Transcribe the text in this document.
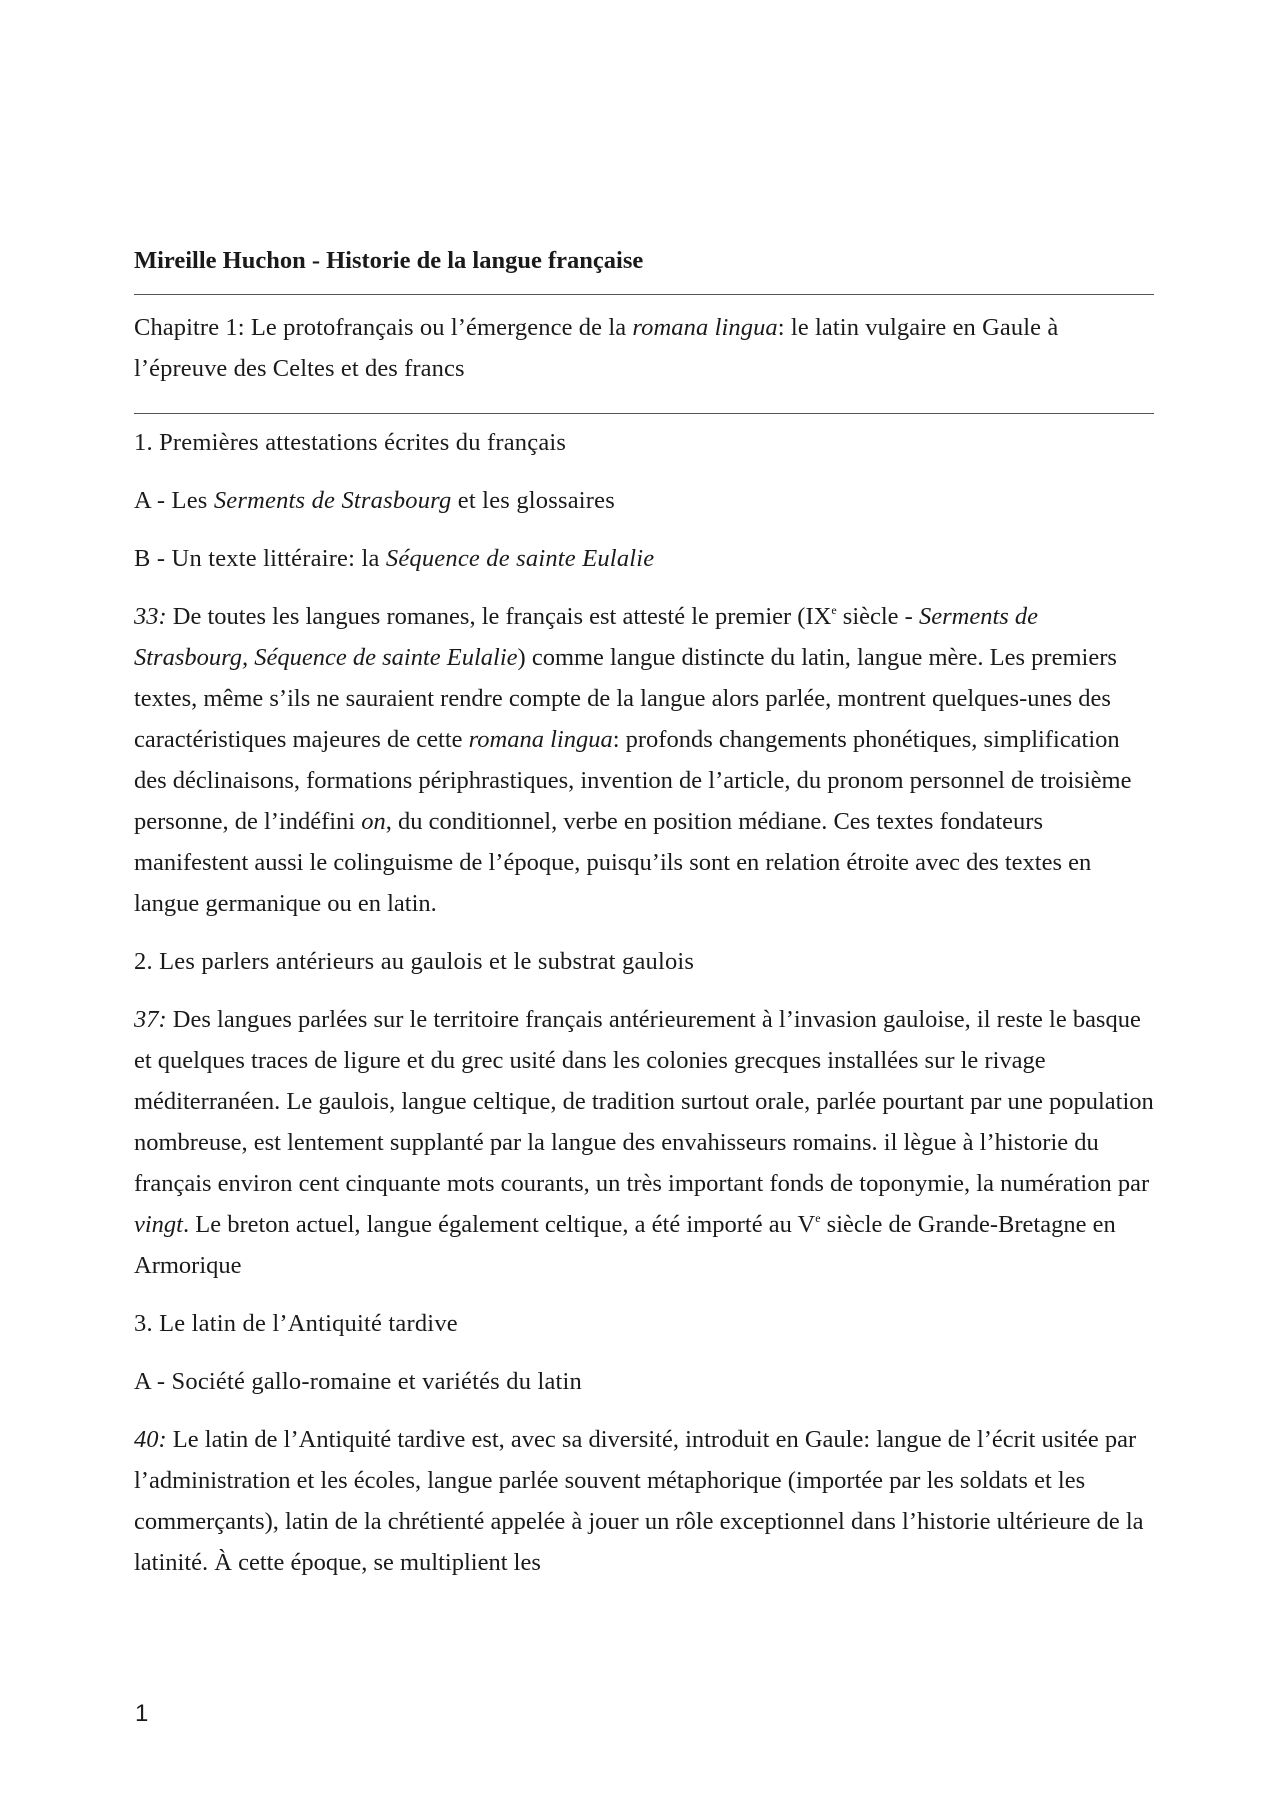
Mireille Huchon - Historie de la langue française

Chapitre 1: Le protofrançais ou l’émergence de la romana lingua: le latin vulgaire en Gaule à l’épreuve des Celtes et des francs

1. Premières attestations écrites du français

A - Les Serments de Strasbourg et les glossaires

B - Un texte littéraire: la Séquence de sainte Eulalie

33: De toutes les langues romanes, le français est attesté le premier (IXe siècle - Serments de Strasbourg, Séquence de sainte Eulalie) comme langue distincte du latin, langue mère. Les premiers textes, même s’ils ne sauraient rendre compte de la langue alors parlée, montrent quelques-unes des caractéristiques majeures de cette romana lingua: profonds changements phonétiques, simplification des déclinaisons, formations périphrastiques, invention de l’article, du pronom personnel de troisième personne, de l’indéfini on, du conditionnel, verbe en position médiane. Ces textes fondateurs manifestent aussi le colinguisme de l’époque, puisqu’ils sont en relation étroite avec des textes en langue germanique ou en latin.

2. Les parlers antérieurs au gaulois et le substrat gaulois

37: Des langues parlées sur le territoire français antérieurement à l’invasion gauloise, il reste le basque et quelques traces de ligure et du grec usité dans les colonies grecques installées sur le rivage méditerranéen. Le gaulois, langue celtique, de tradition surtout orale, parlée pourtant par une population nombreuse, est lentement supplanté par la langue des envahisseurs romains. il lègue à l’historie du français environ cent cinquante mots courants, un très important fonds de toponymie, la numération par vingt. Le breton actuel, langue également celtique, a été importé au Ve siècle de Grande-Bretagne en Armorique

3. Le latin de l’Antiquité tardive

A - Société gallo-romaine et variétés du latin

40: Le latin de l’Antiquité tardive est, avec sa diversité, introduit en Gaule: langue de l’écrit usitée par l’administration et les écoles, langue parlée souvent métaphorique (importée par les soldats et les commerçants), latin de la chrétienté appelée à jouer un rôle exceptionnel dans l’historie ultérieure de la latinité. À cette époque, se multiplient les

1
